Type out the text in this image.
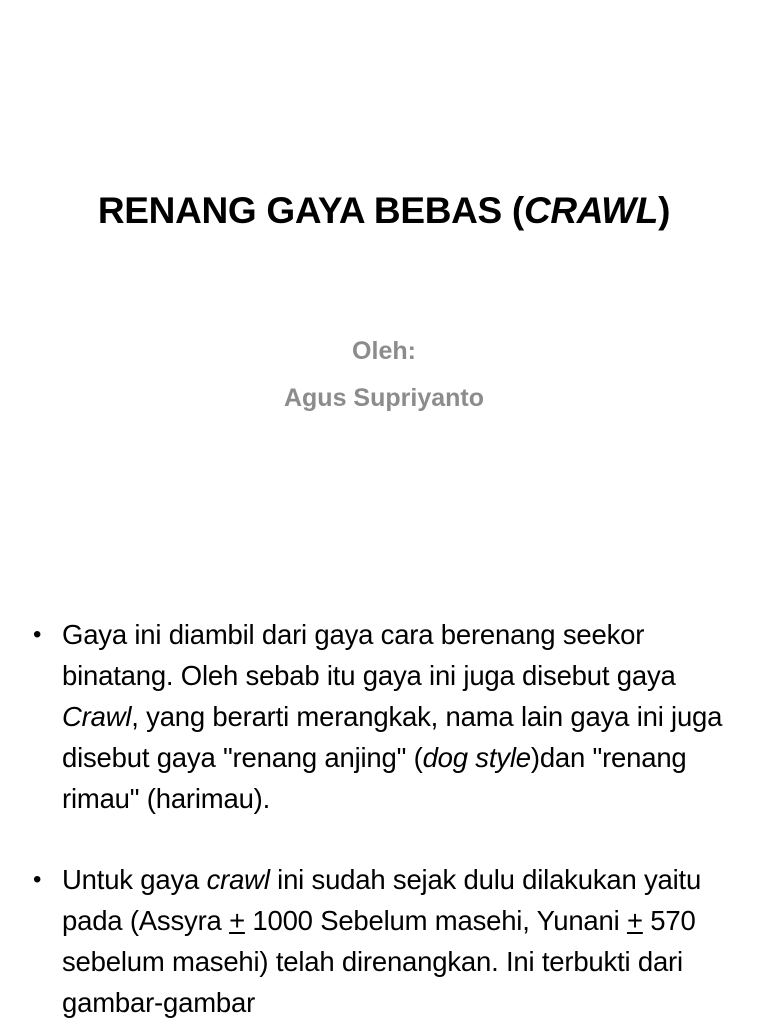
RENANG GAYA BEBAS (CRAWL)
Oleh:
Agus Supriyanto
• Gaya ini diambil dari gaya cara berenang seekor binatang. Oleh sebab itu gaya ini juga disebut gaya Crawl, yang berarti merangkak, nama lain gaya ini juga disebut gaya "renang anjing" (dog style)dan "renang rimau" (harimau).
• Untuk gaya crawl ini sudah sejak dulu dilakukan yaitu pada (Assyra + 1000 Sebelum masehi, Yunani + 570 sebelum masehi) telah direnangkan. Ini terbukti dari gambar-gambar
